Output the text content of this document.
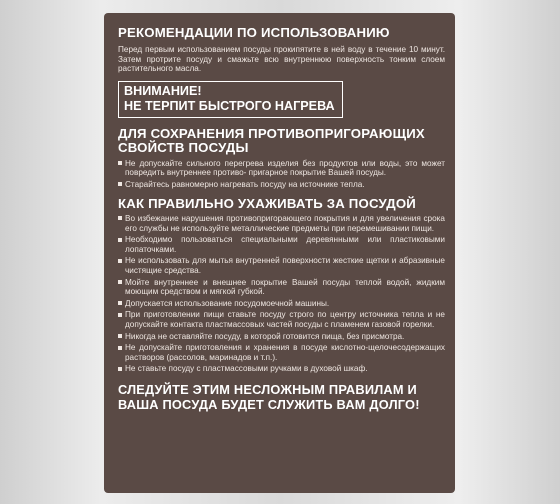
РЕКОМЕНДАЦИИ ПО ИСПОЛЬЗОВАНИЮ

Перед первым использованием посуды прокипятите в ней воду в течение 10 минут. Затем протрите посуду и смажьте всю внутреннюю поверхность тонким слоем растительного масла.

ВНИМАНИЕ!
НЕ ТЕРПИТ БЫСТРОГО НАГРЕВА
ДЛЯ СОХРАНЕНИЯ ПРОТИВОПРИГОРАЮЩИХ СВОЙСТВ ПОСУДЫ
Не допускайте сильного перегрева изделия без продуктов или воды, это может повредить внутреннее противо- пригарное покрытие Вашей посуды.
Старайтесь равномерно нагревать посуду на источнике тепла.
КАК ПРАВИЛЬНО УХАЖИВАТЬ ЗА ПОСУДОЙ
Во избежание нарушения противопригорающего покрытия и для увеличения срока его службы не используйте металлические предметы при перемешивании пищи.
Необходимо пользоваться специальными деревянными или пластиковыми лопаточками.
Не использовать для мытья внутренней поверхности жесткие щетки и абразивные чистящие средства.
Мойте внутреннее и внешнее покрытие Вашей посуды теплой водой, жидким моющим средством и мягкой губкой.
Допускается использование посудомоечной машины.
При приготовлении пищи ставьте посуду строго по центру источника тепла и не допускайте контакта пластмассовых частей посуды с пламенем газовой горелки.
Никогда не оставляйте посуду, в которой готовится пища, без присмотра.
Не допускайте приготовления и хранения в посуде кислотно-щелочесодержащих растворов (рассолов, маринадов и т.п.).
Не ставьте посуду с пластмассовыми ручками в духовой шкаф.
СЛЕДУЙТЕ ЭТИМ НЕСЛОЖНЫМ ПРАВИЛАМ И ВАША ПОСУДА БУДЕТ СЛУЖИТЬ ВАМ ДОЛГО!
